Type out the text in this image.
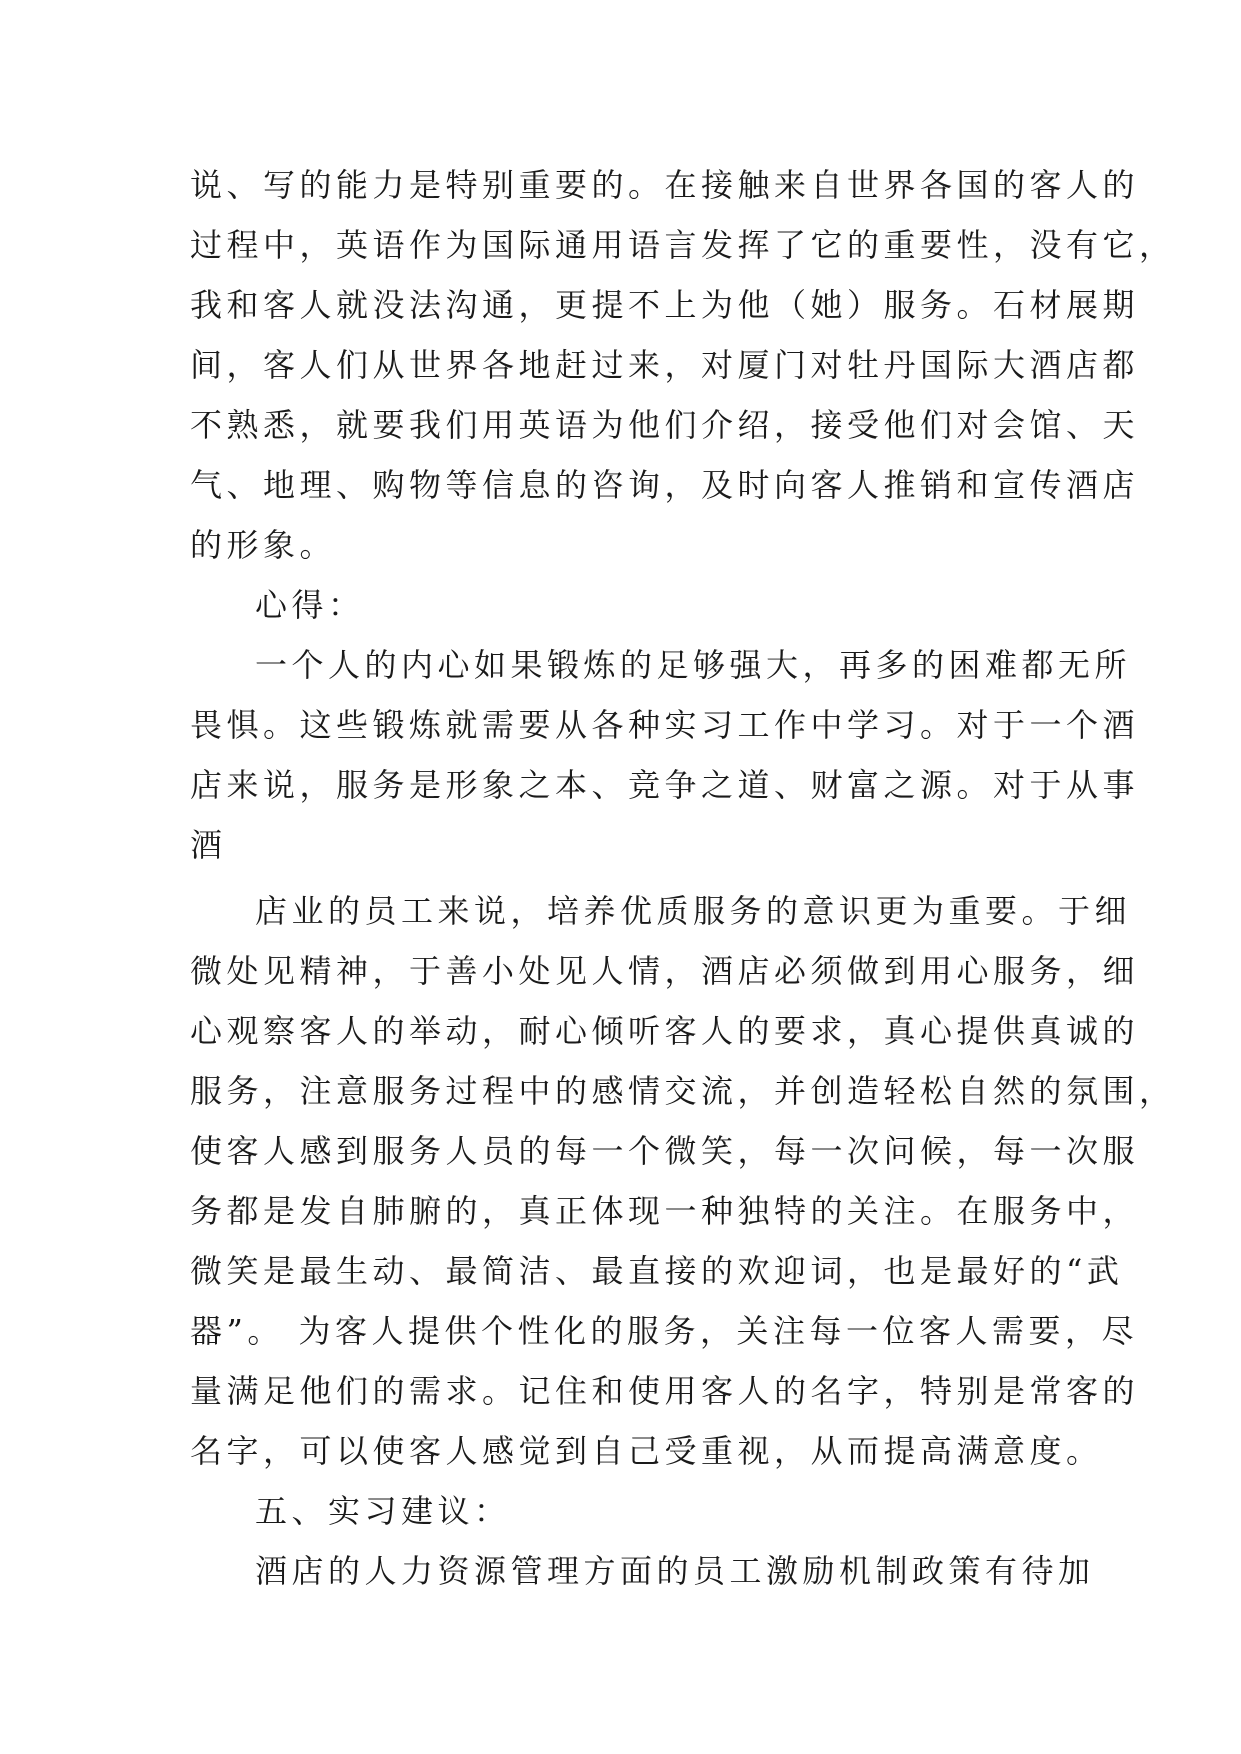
说、写的能力是特别重要的。在接触来自世界各国的客人的
过程中，英语作为国际通用语言发挥了它的重要性，没有它，
我和客人就没法沟通，更提不上为他（她）服务。石材展期
间，客人们从世界各地赶过来，对厦门对牡丹国际大酒店都
不熟悉，就要我们用英语为他们介绍，接受他们对会馆、天
气、地理、购物等信息的咨询，及时向客人推销和宣传酒店
的形象。
心得：
一个人的内心如果锻炼的足够强大，再多的困难都无所
畏惧。这些锻炼就需要从各种实习工作中学习。对于一个酒
店来说，服务是形象之本、竞争之道、财富之源。对于从事
酒
店业的员工来说，培养优质服务的意识更为重要。于细
微处见精神，于善小处见人情，酒店必须做到用心服务，细
心观察客人的举动，耐心倾听客人的要求，真心提供真诚的
服务，注意服务过程中的感情交流，并创造轻松自然的氛围，
使客人感到服务人员的每一个微笑，每一次问候，每一次服
务都是发自肺腑的，真正体现一种独特的关注。在服务中，
微笑是最生动、最简洁、最直接的欢迎词，也是最好的“武
器”。 为客人提供个性化的服务，关注每一位客人需要，尽
量满足他们的需求。记住和使用客人的名字，特别是常客的
名字，可以使客人感觉到自己受重视，从而提高满意度。
五、实习建议：
酒店的人力资源管理方面的员工激励机制政策有待加
